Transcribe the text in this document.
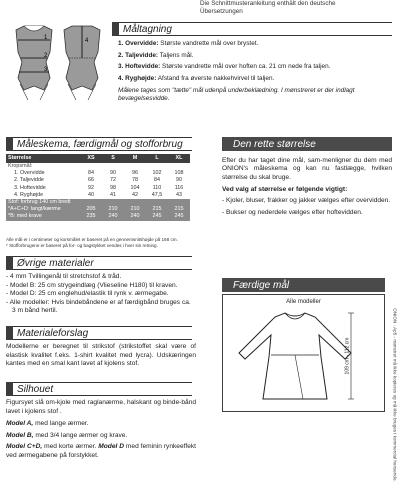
Die Schnittmusteranleitung enthält den deutsche
Übersetzungen
Måltagning
1
2
3
4	1. Overvidde: Største vandrette mål over brystet.

2. Taljevidde: Taljens mål.

3. Hoftevidde: Største vandrette mål over hoften ca. 21 cm nede fra taljen.

4. Ryghøjde: Afstand fra øverste nakkehvirvel til taljen.

Målene tages som "tætte" mål udenpå underbeklædning. I mønstreret er der indlagt bevægelsesvidde.

Måleskema, færdigmål og stofforbrug
Størrelse	XS	S	M	L	XL
Kropsmål:					
1. Overvidde	84	90	96	102	108
2. Taljevidde	66	72	78	84	90
3. Hoftevidde	92	98	104	110	116
4. Ryghøjde	40	41	42	47,5	43
Stof: forbrug 140 cm bredt					
*A+C+D: langt/kærme	205	210	210	215	215
*B: med krave	235	240	240	245	245
Alle mål er i centimeter og korsmålet er baseret på en gennemsnitshøjde på 168 cm.
* Stofforbrugene er baseret på for- og bagstykket vendes i hver sin retning.
Den rette størrelse

Efter du har taget dine mål, sam-menligner du dem med ONION's måleskema og kan nu fastlægge, hvilken størrelse du skal bruge.

Ved valg af størrelse er følgende vigtigt:

- Kjoler, bluser, frakker og jakker vælges efter overvidden.

- Bukser og nederdele vælges efter hoftevidden.

Færdige mål
Alle modeller
109 cm - 112 cm
Øvrige materialer

- 4 mm Tvillingenål til stretchstof & tråd.

- Model B: 25 cm strygeindlæg (Vlieseline H180) til kraven.

- Model D: 25 cm englehud/elastik til rynk v. ærmegabe.

- Alle modeller: Hvis bindebåndene er af færdigbånd bruges ca. 3 m bånd hertil.

Materialeforslag

Modellerne er beregnet til strikstof (strikstoffet skal være of elastisk kvalitet f.eks. 1-shirt kvalitet med lycra). Udskæringen kantes med en smal kant lavet af kjolens stof.

Silhouet

Figursyet slå om-kjole med raglanærme, halskant og binde-bånd lavet i kjolens stof .

Model A, med lange ærmer.

Model B, med 3/4 lange ærmer og krave.

Model C+D, med korte ærmer. Model D med feminin rynkeeffekt ved ærmegabene på forstykket.	ONION · Ap5 - mønstret må ikke kopieres og må ikke bruges i kommercial hensende.
